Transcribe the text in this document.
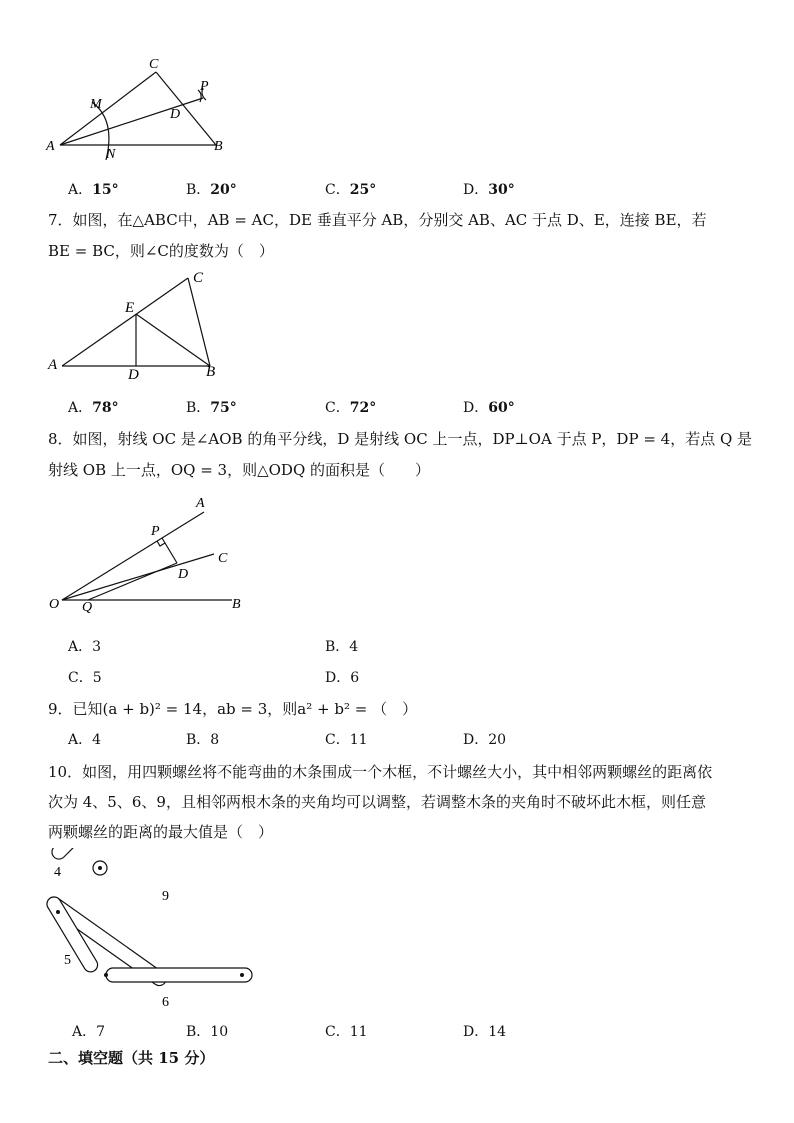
C
P
M
D
A
N
B
A．15°	B．20°	C．25°	D．30°
7．如图，在△ABC中，AB = AC，DE 垂直平分 AB，分别交 AB、AC 于点 D、E，连接 BE，若
BE = BC，则∠C的度数为（　）
C
E
A
D	B
A．78°	B．75°	C．72°	D．60°
8．如图，射线 OC 是∠AOB 的角平分线，D 是射线 OC 上一点，DP⊥OA 于点 P，DP = 4，若点 Q 是
射线 OB 上一点，OQ = 3，则△ODQ 的面积是（　　）
A
P
C
D
O Q	B
A．3	B．4
C．5	D．6
9．已知(a + b)² = 14，ab = 3，则a² + b² = （　）
A．4	B．8	C．11	D．20
10．如图，用四颗螺丝将不能弯曲的木条围成一个木框，不计螺丝大小，其中相邻两颗螺丝的距离依
次为 4、5、6、9，且相邻两根木条的夹角均可以调整，若调整木条的夹角时不破坏此木框，则任意
两颗螺丝的距离的最大值是（　）
4
9
5
6
A．7	B．10	C．11	D．14
二、填空题（共 15 分）
